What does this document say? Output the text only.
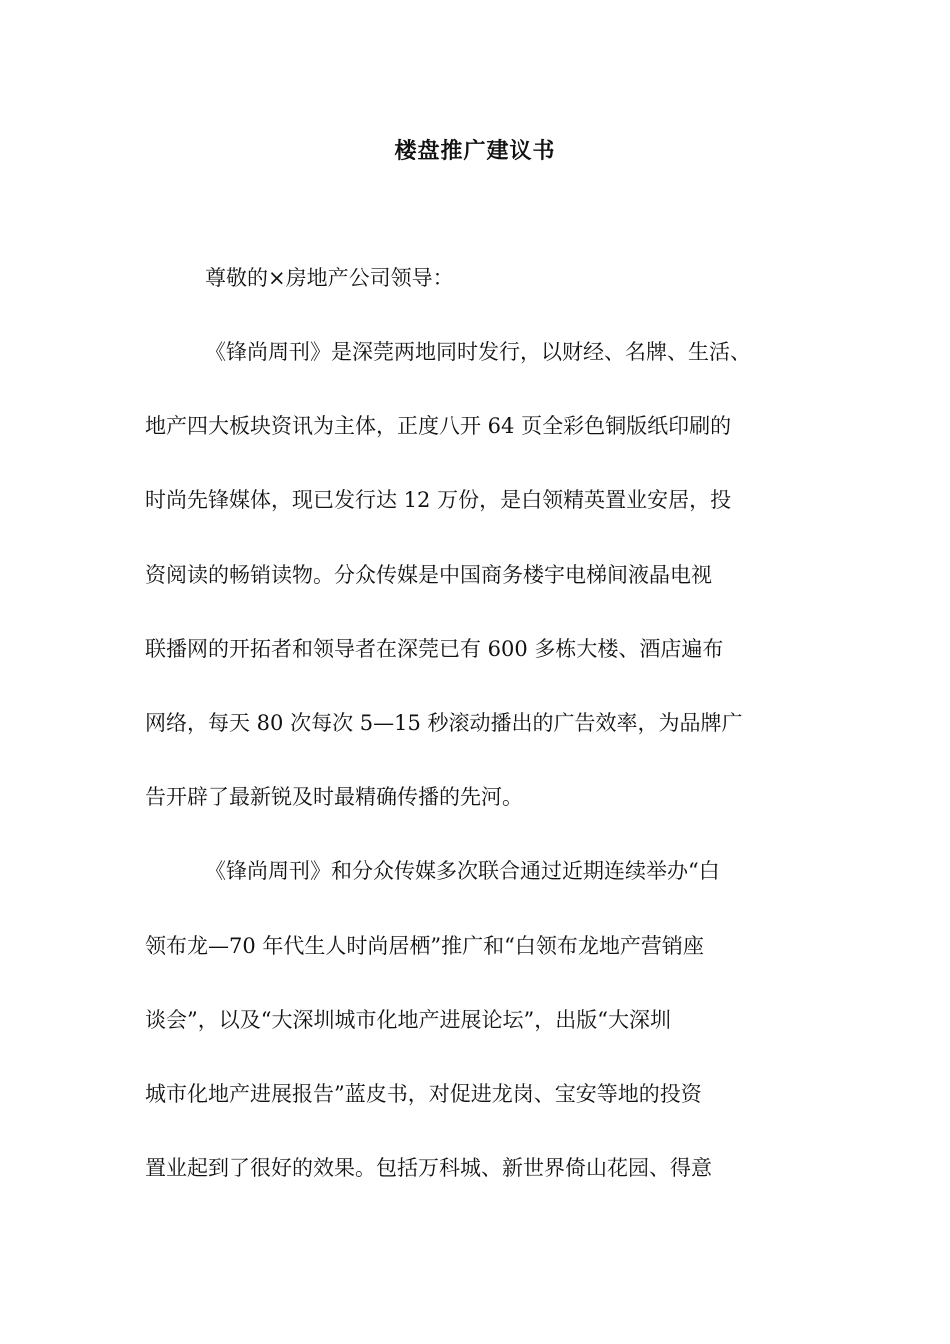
楼盘推广建议书
尊敬的×房地产公司领导：
《锋尚周刊》是深莞两地同时发行，以财经、名牌、生活、
地产四大板块资讯为主体，正度八开 64 页全彩色铜版纸印刷的
时尚先锋媒体，现已发行达 12 万份，是白领精英置业安居，投
资阅读的畅销读物。分众传媒是中国商务楼宇电梯间液晶电视
联播网的开拓者和领导者在深莞已有 600 多栋大楼、酒店遍布
网络，每天 80 次每次 5—15 秒滚动播出的广告效率，为品牌广
告开辟了最新锐及时最精确传播的先河。
《锋尚周刊》和分众传媒多次联合通过近期连续举办“白
领布龙—70 年代生人时尚居栖”推广和“白领布龙地产营销座
谈会”，以及“大深圳城市化地产进展论坛”，出版“大深圳
城市化地产进展报告”蓝皮书，对促进龙岗、宝安等地的投资
置业起到了很好的效果。包括万科城、新世界倚山花园、得意
